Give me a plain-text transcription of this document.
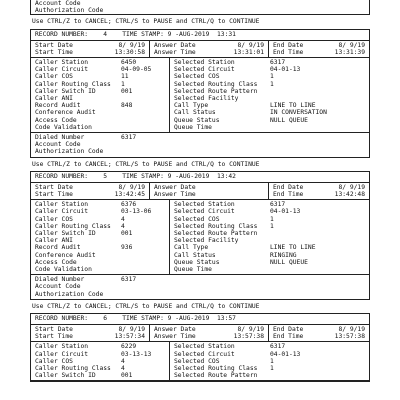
Account Code
Authorization Code
Use CTRL/Z to CANCEL; CTRL/S to PAUSE and CTRL/Q to CONTINUE
RECORD NUMBER:    4    TIME STAMP: 9 -AUG-2019  13:31
Start Date	8/ 9/19
Start Time	13:30:58
Answer Date	8/ 9/19
Answer Time	13:31:01
End Date	8/ 9/19
End Time	13:31:39
Caller Station	6450
Caller Circuit	04-09-05
Caller COS	11
Caller Routing Class	1
Caller Switch ID	001
Caller ANI
Record Audit	848
Conference Audit
Access Code
Code Validation
Selected Station	6317
Selected Circuit	04-01-13
Selected COS	1
Selected Routing Class	1
Selected Route Pattern
Selected Facility
Call Type	LINE TO LINE
Call Status	IN CONVERSATION
Queue Status	NULL QUEUE
Queue Time
Dialed Number	6317
Account Code
Authorization Code
Use CTRL/Z to CANCEL; CTRL/S to PAUSE and CTRL/Q to CONTINUE
RECORD NUMBER:    5    TIME STAMP: 9 -AUG-2019  13:42
Start Date	8/ 9/19
Start Time	13:42:45
Answer Date
Answer Time
End Date	8/ 9/19
End Time	13:42:48
Caller Station	6376
Caller Circuit	03-13-06
Caller COS	4
Caller Routing Class	4
Caller Switch ID	001
Caller ANI
Record Audit	936
Conference Audit
Access Code
Code Validation
Selected Station	6317
Selected Circuit	04-01-13
Selected COS	1
Selected Routing Class	1
Selected Route Pattern
Selected Facility
Call Type	LINE TO LINE
Call Status	RINGING
Queue Status	NULL QUEUE
Queue Time
Dialed Number	6317
Account Code
Authorization Code
Use CTRL/Z to CANCEL; CTRL/S to PAUSE and CTRL/Q to CONTINUE
RECORD NUMBER:    6    TIME STAMP: 9 -AUG-2019  13:57
Start Date	8/ 9/19
Start Time	13:57:34
Answer Date	8/ 9/19
Answer Time	13:57:38
End Date	8/ 9/19
End Time	13:57:38
Caller Station	6229
Caller Circuit	03-13-13
Caller COS	4
Caller Routing Class	4
Caller Switch ID	001
Selected Station	6317
Selected Circuit	04-01-13
Selected COS	1
Selected Routing Class	1
Selected Route Pattern
